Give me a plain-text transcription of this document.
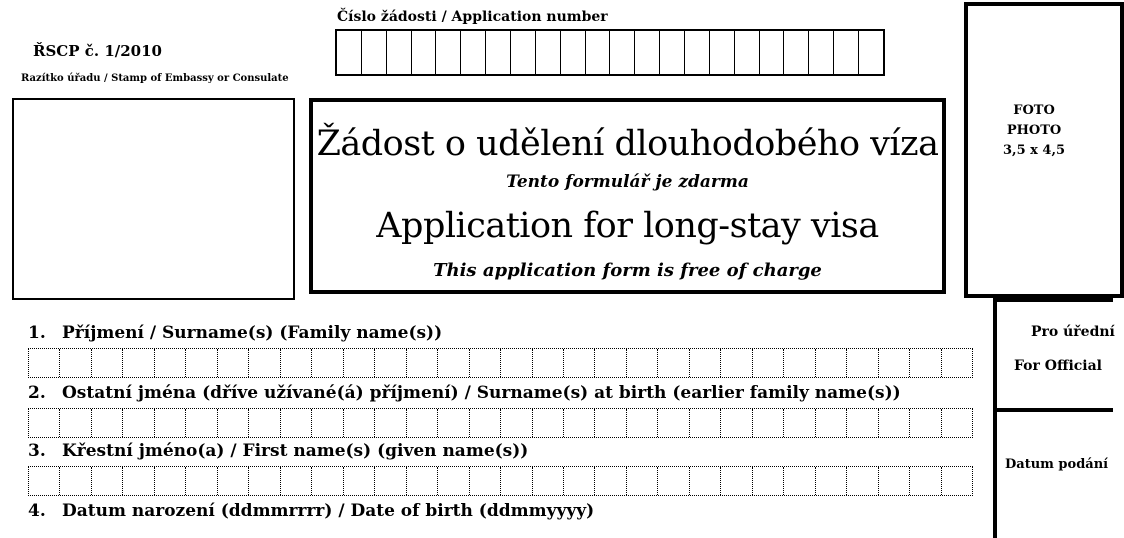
ŘSCP č. 1/2010
Razítko úřadu / Stamp of Embassy or Consulate
Číslo žádosti / Application number
Žádost o udělení dlouhodobého víza
Tento formulář je zdarma
Application for long-stay visa
This application form is free of charge
FOTO
PHOTO
3,5 x 4,5
Pro úřední
For Official
Datum podání
1. Příjmení / Surname(s) (Family name(s))
2. Ostatní jména (dříve užívané(á) příjmení) / Surname(s) at birth (earlier family name(s))
3. Křestní jméno(a) / First name(s) (given name(s))
4. Datum narození (ddmmrrrr) / Date of birth (ddmmyyyy)
